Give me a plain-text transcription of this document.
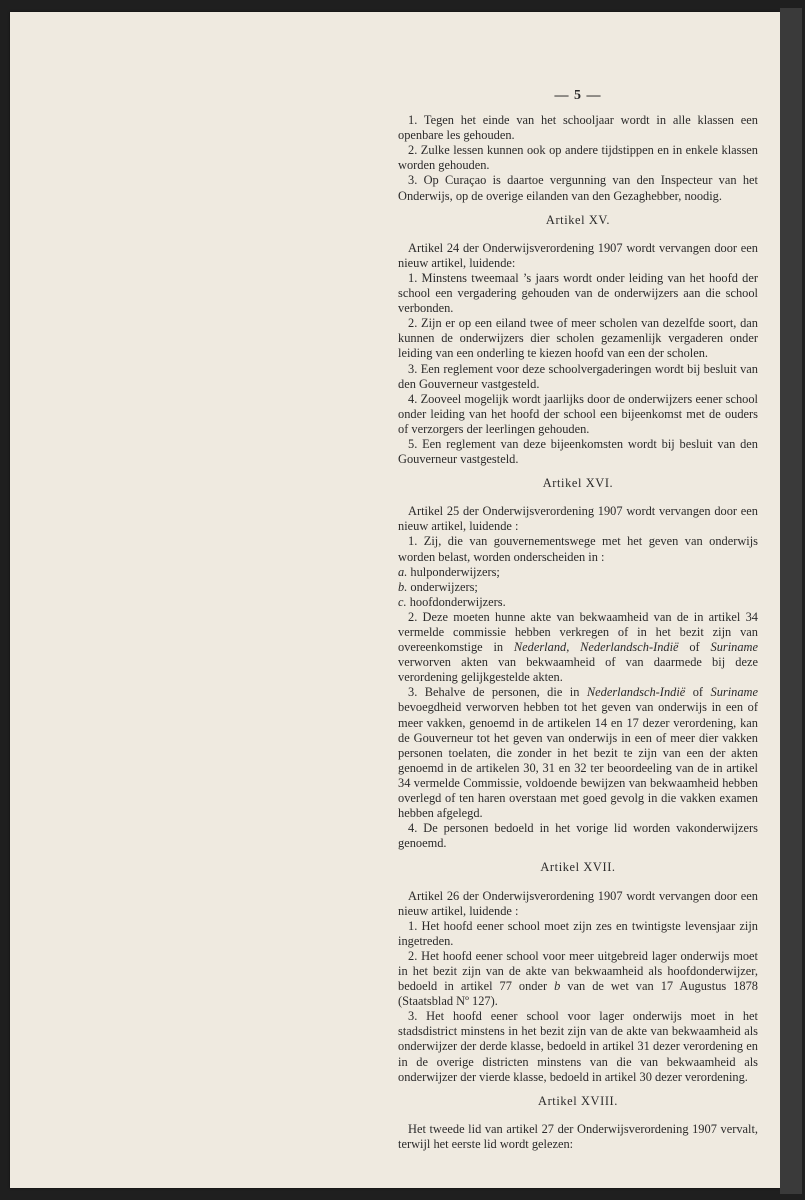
— 5 —

1. Tegen het einde van het schooljaar wordt in alle klassen een openbare les gehouden.

2. Zulke lessen kunnen ook op andere tijdstippen en in enkele klassen worden gehouden.

3. Op Curaçao is daartoe vergunning van den Inspecteur van het Onderwijs, op de overige eilanden van den Gezaghebber, noodig.

Artikel XV.

Artikel 24 der Onderwijsverordening 1907 wordt vervangen door een nieuw artikel, luidende:

1. Minstens tweemaal ’s jaars wordt onder leiding van het hoofd der school een vergadering gehouden van de onderwijzers aan die school verbonden.

2. Zijn er op een eiland twee of meer scholen van dezelfde soort, dan kunnen de onderwijzers dier scholen gezamenlijk vergaderen onder leiding van een onderling te kiezen hoofd van een der scholen.

3. Een reglement voor deze schoolvergaderingen wordt bij besluit van den Gouverneur vastgesteld.

4. Zooveel mogelijk wordt jaarlijks door de onderwijzers eener school onder leiding van het hoofd der school een bijeenkomst met de ouders of verzorgers der leerlingen gehouden.

5. Een reglement van deze bijeenkomsten wordt bij besluit van den Gouverneur vastgesteld.

Artikel XVI.

Artikel 25 der Onderwijsverordening 1907 wordt vervangen door een nieuw artikel, luidende :

1. Zij, die van gouvernementswege met het geven van onderwijs worden belast, worden onderscheiden in :

a. hulponderwijzers;

b. onderwijzers;

c. hoofdonderwijzers.

2. Deze moeten hunne akte van bekwaamheid van de in artikel 34 vermelde commissie hebben verkregen of in het bezit zijn van overeenkomstige in Nederland, Nederlandsch-Indië of Suriname verworven akten van bekwaamheid of van daarmede bij deze verordening gelijkgestelde akten.

3. Behalve de personen, die in Nederlandsch-Indië of Suriname bevoegdheid verworven hebben tot het geven van onderwijs in een of meer vakken, genoemd in de artikelen 14 en 17 dezer verordening, kan de Gouverneur tot het geven van onderwijs in een of meer dier vakken personen toelaten, die zonder in het bezit te zijn van een der akten genoemd in de artikelen 30, 31 en 32 ter beoordeeling van de in artikel 34 vermelde Commissie, voldoende bewijzen van bekwaamheid hebben overlegd of ten haren overstaan met goed gevolg in die vakken examen hebben afgelegd.

4. De personen bedoeld in het vorige lid worden vakonderwijzers genoemd.

Artikel XVII.

Artikel 26 der Onderwijsverordening 1907 wordt vervangen door een nieuw artikel, luidende :

1. Het hoofd eener school moet zijn zes en twintigste levensjaar zijn ingetreden.

2. Het hoofd eener school voor meer uitgebreid lager onderwijs moet in het bezit zijn van de akte van bekwaamheid als hoofdonderwijzer, bedoeld in artikel 77 onder b van de wet van 17 Augustus 1878 (Staatsblad Nº 127).

3. Het hoofd eener school voor lager onderwijs moet in het stadsdistrict minstens in het bezit zijn van de akte van bekwaamheid als onderwijzer der derde klasse, bedoeld in artikel 31 dezer verordening en in de overige districten minstens van die van bekwaamheid als onderwijzer der vierde klasse, bedoeld in artikel 30 dezer verordening.

Artikel XVIII.

Het tweede lid van artikel 27 der Onderwijsverordening 1907 vervalt, terwijl het eerste lid wordt gelezen:
